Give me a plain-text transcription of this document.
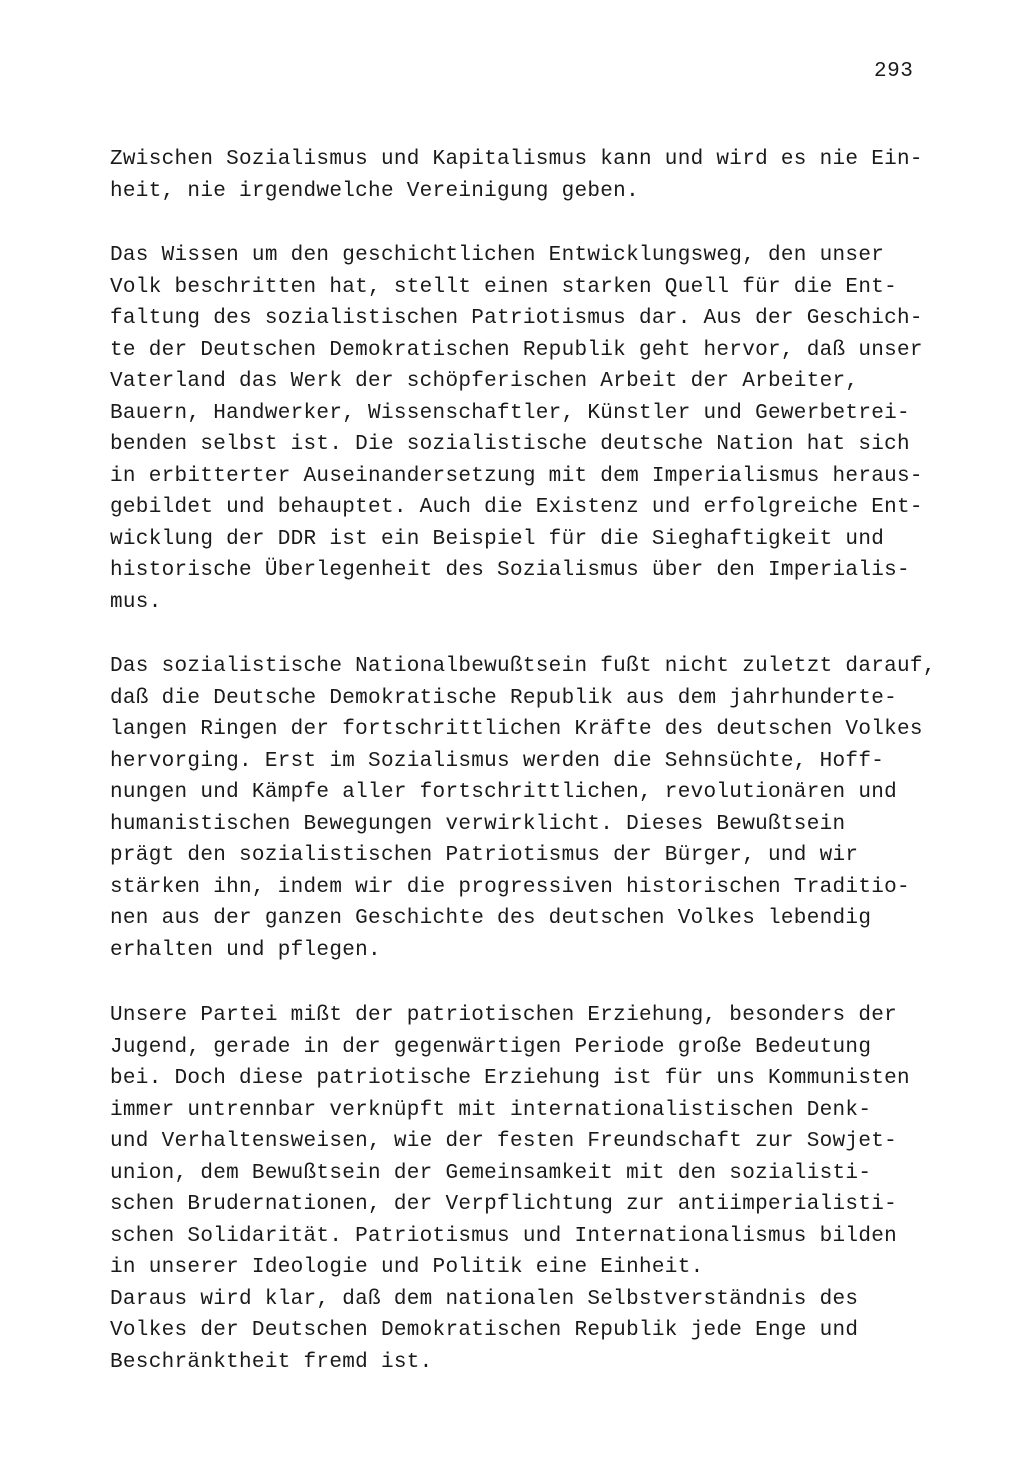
293
Zwischen Sozialismus und Kapitalismus kann und wird es nie Ein-
heit, nie irgendwelche Vereinigung geben.
Das Wissen um den geschichtlichen Entwicklungsweg, den unser
Volk beschritten hat, stellt einen starken Quell für die Ent-
faltung des sozialistischen Patriotismus dar. Aus der Geschich-
te der Deutschen Demokratischen Republik geht hervor, daß unser
Vaterland das Werk der schöpferischen Arbeit der Arbeiter,
Bauern, Handwerker, Wissenschaftler, Künstler und Gewerbetrei-
benden selbst ist. Die sozialistische deutsche Nation hat sich
in erbitterter Auseinandersetzung mit dem Imperialismus heraus-
gebildet und behauptet. Auch die Existenz und erfolgreiche Ent-
wicklung der DDR ist ein Beispiel für die Sieghaftigkeit und
historische Überlegenheit des Sozialismus über den Imperialis-
mus.
Das sozialistische Nationalbewußtsein fußt nicht zuletzt darauf,
daß die Deutsche Demokratische Republik aus dem jahrhunderte-
langen Ringen der fortschrittlichen Kräfte des deutschen Volkes
hervorging. Erst im Sozialismus werden die Sehnsüchte, Hoff-
nungen und Kämpfe aller fortschrittlichen, revolutionären und
humanistischen Bewegungen verwirklicht. Dieses Bewußtsein
prägt den sozialistischen Patriotismus der Bürger, und wir
stärken ihn, indem wir die progressiven historischen Traditio-
nen aus der ganzen Geschichte des deutschen Volkes lebendig
erhalten und pflegen.
Unsere Partei mißt der patriotischen Erziehung, besonders der
Jugend, gerade in der gegenwärtigen Periode große Bedeutung
bei. Doch diese patriotische Erziehung ist für uns Kommunisten
immer untrennbar verknüpft mit internationalistischen Denk-
und Verhaltensweisen, wie der festen Freundschaft zur Sowjet-
union, dem Bewußtsein der Gemeinsamkeit mit den sozialisti-
schen Brudernationen, der Verpflichtung zur antiimperialisti-
schen Solidarität. Patriotismus und Internationalismus bilden
in unserer Ideologie und Politik eine Einheit.
Daraus wird klar, daß dem nationalen Selbstverständnis des
Volkes der Deutschen Demokratischen Republik jede Enge und
Beschränktheit fremd ist.
